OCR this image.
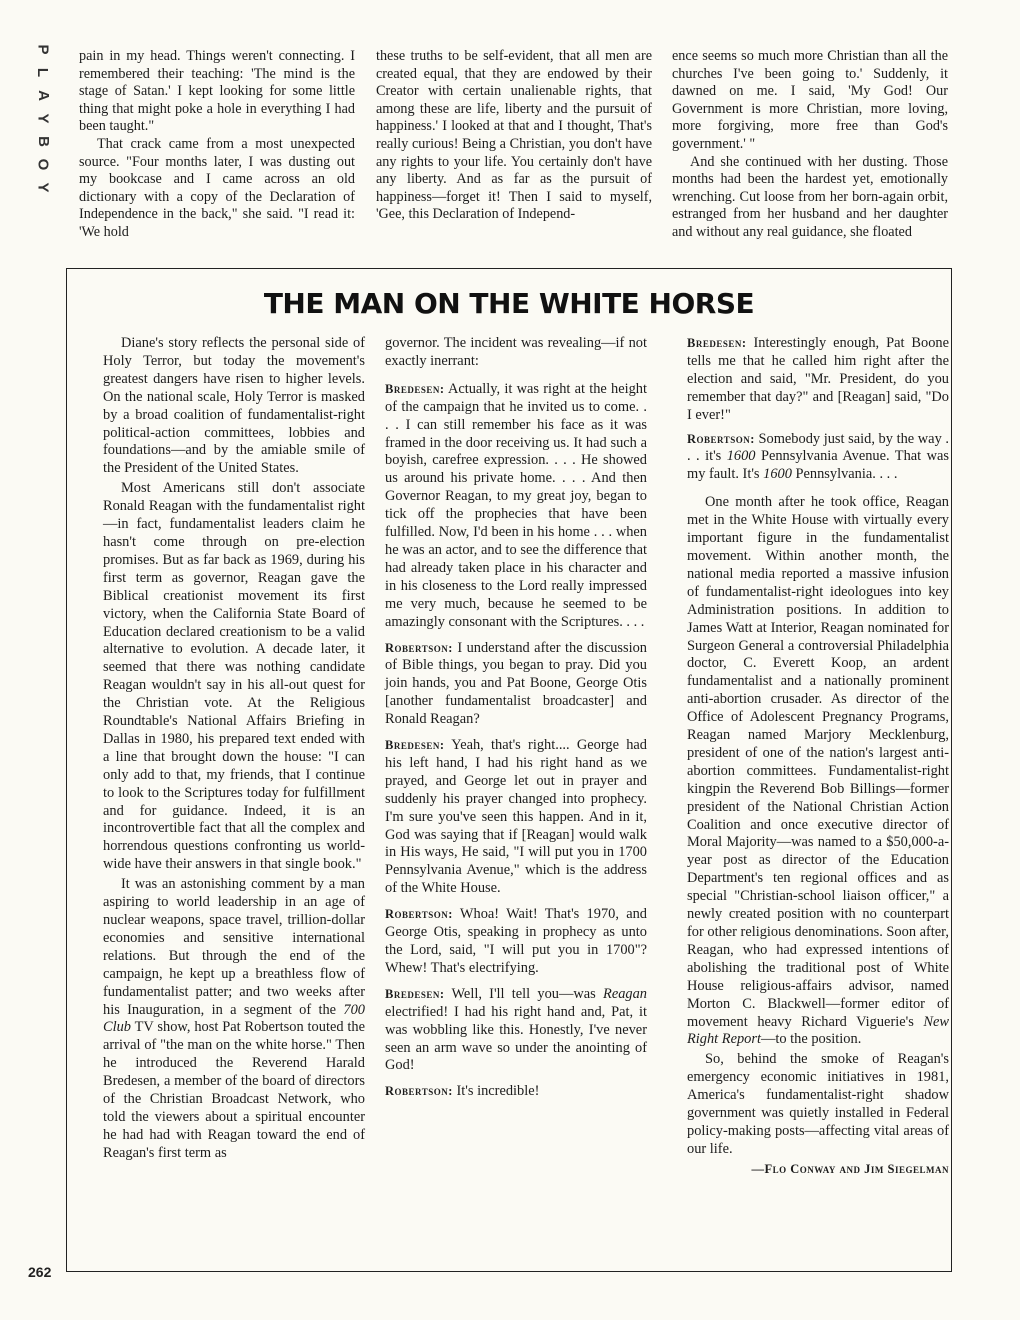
P
L
A
Y
B
O
Y

pain in my head. Things weren't connecting. I remembered their teaching: 'The mind is the stage of Satan.' I kept looking for some little thing that might poke a hole in everything I had been taught."

That crack came from a most unexpected source. "Four months later, I was dusting out my bookcase and I came across an old dictionary with a copy of the Declaration of Independence in the back," she said. "I read it: 'We hold

these truths to be self-evident, that all men are created equal, that they are endowed by their Creator with certain unalienable rights, that among these are life, liberty and the pursuit of happiness.' I looked at that and I thought, That's really curious! Being a Christian, you don't have any rights to your life. You certainly don't have any liberty. And as far as the pursuit of happiness—forget it! Then I said to myself, 'Gee, this Declaration of Independ-

ence seems so much more Christian than all the churches I've been going to.' Suddenly, it dawned on me. I said, 'My God! Our Government is more Christian, more loving, more forgiving, more free than God's government.' "

And she continued with her dusting. Those months had been the hardest yet, emotionally wrenching. Cut loose from her born-again orbit, estranged from her husband and her daughter and without any real guidance, she floated

THE MAN ON THE WHITE HORSE

Diane's story reflects the personal side of Holy Terror, but today the movement's greatest dangers have risen to higher levels. On the national scale, Holy Terror is masked by a broad coalition of fundamentalist-right political-action committees, lobbies and foundations—and by the amiable smile of the President of the United States.

Most Americans still don't associate Ronald Reagan with the fundamentalist right—in fact, fundamentalist leaders claim he hasn't come through on pre-election promises. But as far back as 1969, during his first term as governor, Reagan gave the Biblical creationist movement its first victory, when the California State Board of Education declared creationism to be a valid alternative to evolution. A decade later, it seemed that there was nothing candidate Reagan wouldn't say in his all-out quest for the Christian vote. At the Religious Roundtable's National Affairs Briefing in Dallas in 1980, his prepared text ended with a line that brought down the house: "I can only add to that, my friends, that I continue to look to the Scriptures today for fulfillment and for guidance. Indeed, it is an incontrovertible fact that all the complex and horrendous questions confronting us world-wide have their answers in that single book."

It was an astonishing comment by a man aspiring to world leadership in an age of nuclear weapons, space travel, trillion-dollar economies and sensitive international relations. But through the end of the campaign, he kept up a breathless flow of fundamentalist patter; and two weeks after his Inauguration, in a segment of the 700 Club TV show, host Pat Robertson touted the arrival of "the man on the white horse." Then he introduced the Reverend Harald Bredesen, a member of the board of directors of the Christian Broadcast Network, who told the viewers about a spiritual encounter he had had with Reagan toward the end of Reagan's first term as

governor. The incident was revealing—if not exactly inerrant:

Bredesen: Actually, it was right at the height of the campaign that he invited us to come. . . . I can still remember his face as it was framed in the door receiving us. It had such a boyish, carefree expression. . . . He showed us around his private home. . . . And then Governor Reagan, to my great joy, began to tick off the prophecies that have been fulfilled. Now, I'd been in his home . . . when he was an actor, and to see the difference that had already taken place in his character and in his closeness to the Lord really impressed me very much, because he seemed to be amazingly consonant with the Scriptures. . . .

Robertson: I understand after the discussion of Bible things, you began to pray. Did you join hands, you and Pat Boone, George Otis [another fundamentalist broadcaster] and Ronald Reagan?

Bredesen: Yeah, that's right.... George had his left hand, I had his right hand as we prayed, and George let out in prayer and suddenly his prayer changed into prophecy. I'm sure you've seen this happen. And in it, God was saying that if [Reagan] would walk in His ways, He said, "I will put you in 1700 Pennsylvania Avenue," which is the address of the White House.

Robertson: Whoa! Wait! That's 1970, and George Otis, speaking in prophecy as unto the Lord, said, "I will put you in 1700"? Whew! That's electrifying.

Bredesen: Well, I'll tell you—was Reagan electrified! I had his right hand and, Pat, it was wobbling like this. Honestly, I've never seen an arm wave so under the anointing of God!

Robertson: It's incredible!

Bredesen: Interestingly enough, Pat Boone tells me that he called him right after the election and said, "Mr. President, do you remember that day?" and [Reagan] said, "Do I ever!"

Robertson: Somebody just said, by the way . . . it's 1600 Pennsylvania Avenue. That was my fault. It's 1600 Pennsylvania. . . .

One month after he took office, Reagan met in the White House with virtually every important figure in the fundamentalist movement. Within another month, the national media reported a massive infusion of fundamentalist-right ideologues into key Administration positions. In addition to James Watt at Interior, Reagan nominated for Surgeon General a controversial Philadelphia doctor, C. Everett Koop, an ardent fundamentalist and a nationally prominent anti-abortion crusader. As director of the Office of Adolescent Pregnancy Programs, Reagan named Marjory Mecklenburg, president of one of the nation's largest anti-abortion committees. Fundamentalist-right kingpin the Reverend Bob Billings—former president of the National Christian Action Coalition and once executive director of Moral Majority—was named to a $50,000-a-year post as director of the Education Department's ten regional offices and as special "Christian-school liaison officer," a newly created position with no counterpart for other religious denominations. Soon after, Reagan, who had expressed intentions of abolishing the traditional post of White House religious-affairs advisor, named Morton C. Blackwell—former editor of movement heavy Richard Viguerie's New Right Report—to the position.

So, behind the smoke of Reagan's emergency economic initiatives in 1981, America's fundamentalist-right shadow government was quietly installed in Federal policy-making posts—affecting vital areas of our life.

—Flo Conway and Jim Siegelman
262
